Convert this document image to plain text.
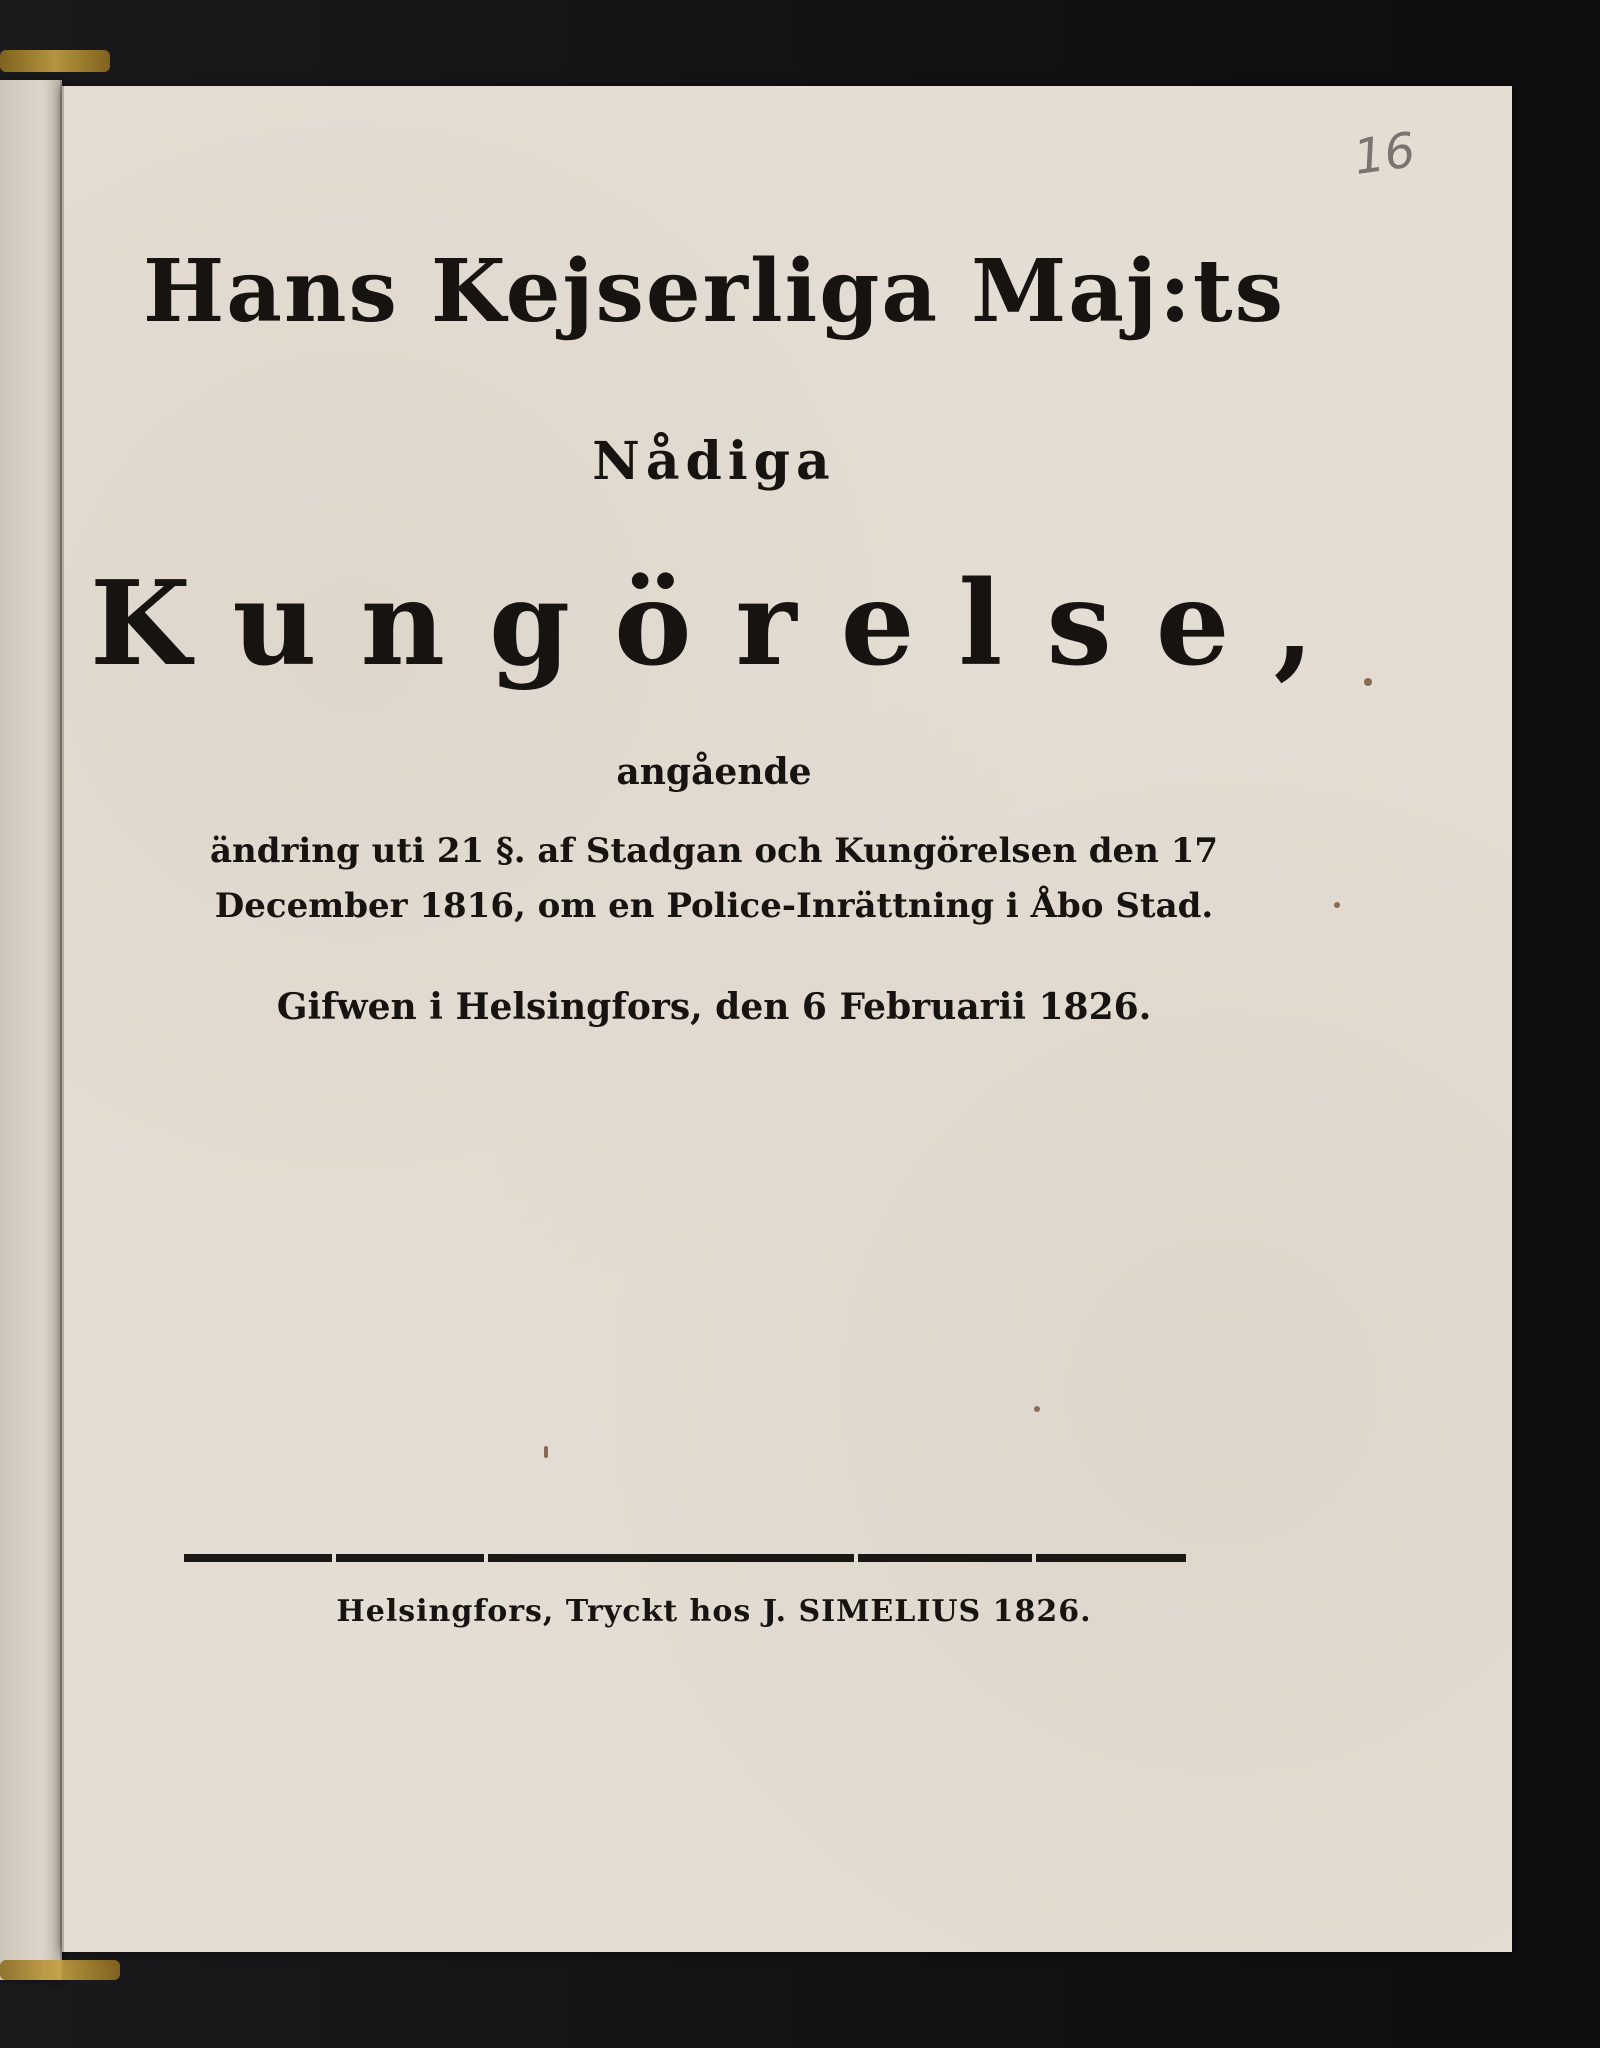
16
Hans Kejserliga Maj:ts
Nådiga
Kungörelse,
angående
ändring uti 21 §. af Stadgan och Kungörelsen den 17
December 1816, om en Police-Inrättning i Åbo Stad.
Gifwen i Helsingfors, den 6 Februarii 1826.
Helsingfors, Tryckt hos J. SIMELIUS 1826.
